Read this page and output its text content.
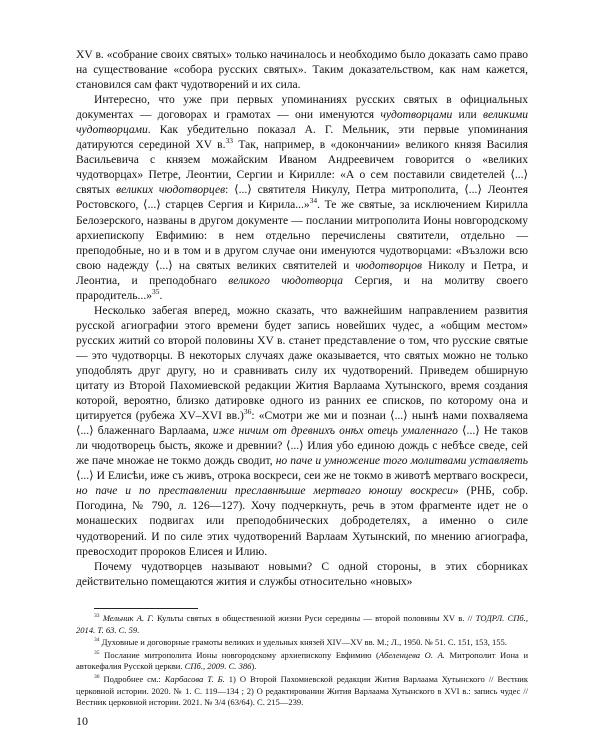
XV в. «собрание своих святых» только начиналось и необходимо было доказать само право на существование «собора русских святых». Таким доказательством, как нам кажется, становился сам факт чудотворений и их сила.

Интересно, что уже при первых упоминаниях русских святых в официальных документах — договорах и грамотах — они именуются чудотворцами или великими чудотворцами. Как убедительно показал А. Г. Мельник, эти первые упоминания датируются серединой XV в.$^{33}$ Так, например, в «докончании» великого князя Василия Васильевича с князем можайским Иваном Андреевичем говорится о «великих чудотворцах» Петре, Леонтии, Сергии и Кирилле: «А о сем поставили свидетелей ⟨...⟩ святых великих чюдотворцев: ⟨...⟩ святителя Никулу, Петра митрополита, ⟨...⟩ Леонтея Ростовского, ⟨...⟩ старцев Сергия и Кирила...»$^{34}$. Те же святые, за исключением Кирилла Белозерского, названы в другом документе — послании митрополита Ионы новгородскому архиепископу Евфимию: в нем отдельно перечислены святители, отдельно — преподобные, но и в том и в другом случае они именуются чудотворцами: «Възложи всю свою надежду ⟨...⟩ на святых великих святителей и чюдотворцов Николу и Петра, и Леонтиа, и преподобнаго великого чюдотворца Сергия, и на молитву своего прародитель...»$^{35}$.

Несколько забегая вперед, можно сказать, что важнейшим направлением развития русской агиографии этого времени будет запись новейших чудес, а «общим местом» русских житий со второй половины XV в. станет представление о том, что русские святые — это чудотворцы. В некоторых случаях даже оказывается, что святых можно не только уподоблять друг другу, но и сравнивать силу их чудотворений. Приведем обширную цитату из Второй Пахомиевской редакции Жития Варлаама Хутынского, время создания которой, вероятно, близко датировке одного из ранних ее списков, по которому она и цитируется (рубежа XV–XVI вв.)$^{36}$: «Смотри же ми и познаи ⟨...⟩ нынѣ нами похваляема ⟨...⟩ блаженнаго Варлаама, иже ничим от древнихъ онѣх отець умаленнаго ⟨...⟩ Не таков ли чюдотворець бысть, якоже и древнии? ⟨...⟩ Илия убо единою дождь с небѣсе сведе, сей же паче множае не токмо дождь сводит, но паче и умножение того молитвами уставляеть ⟨...⟩ И Елисѣи, иже съ живъ, отрока воскреси, сеи же не токмо в животѣ мертваго воскреси, но паче и по преставлении преславнѣише мертваго юношу воскреси» (РНБ, собр. Погодина, № 790, л. 126—127). Хочу подчеркнуть, речь в этом фрагменте идет не о монашеских подвигах или преподобнических добродетелях, а именно о силе чудотворений. И по силе этих чудотворений Варлаам Хутынский, по мнению агиографа, превосходит пророков Елисея и Илию.

Почему чудотворцев называют новыми? С одной стороны, в этих сборниках действительно помещаются жития и службы относительно «новых»

$^{33}$ Мельник А. Г. Культы святых в общественной жизни Руси середины — второй половины XV в. // ТОДРЛ. СПб., 2014. Т. 63. С. 59.

$^{34}$ Духовные и договорные грамоты великих и удельных князей XIV—XV вв. М.; Л., 1950. № 51. С. 151, 153, 155.

$^{35}$ Послание митрополита Ионы новгородскому архиепископу Евфимию (Абеленцева О. А. Митрополит Иона и автокефалия Русской церкви. СПб., 2009. С. 386).

$^{36}$ Подробнее см.: Карбасова Т. Б. 1) О Второй Пахомиевской редакции Жития Варлаама Хутынского // Вестник церковной истории. 2020. № 1. С. 119—134 ; 2) О редактировании Жития Варлаама Хутынского в XVI в.: запись чудес // Вестник церковной истории. 2021. № 3/4 (63/64). С. 215—239.

10
